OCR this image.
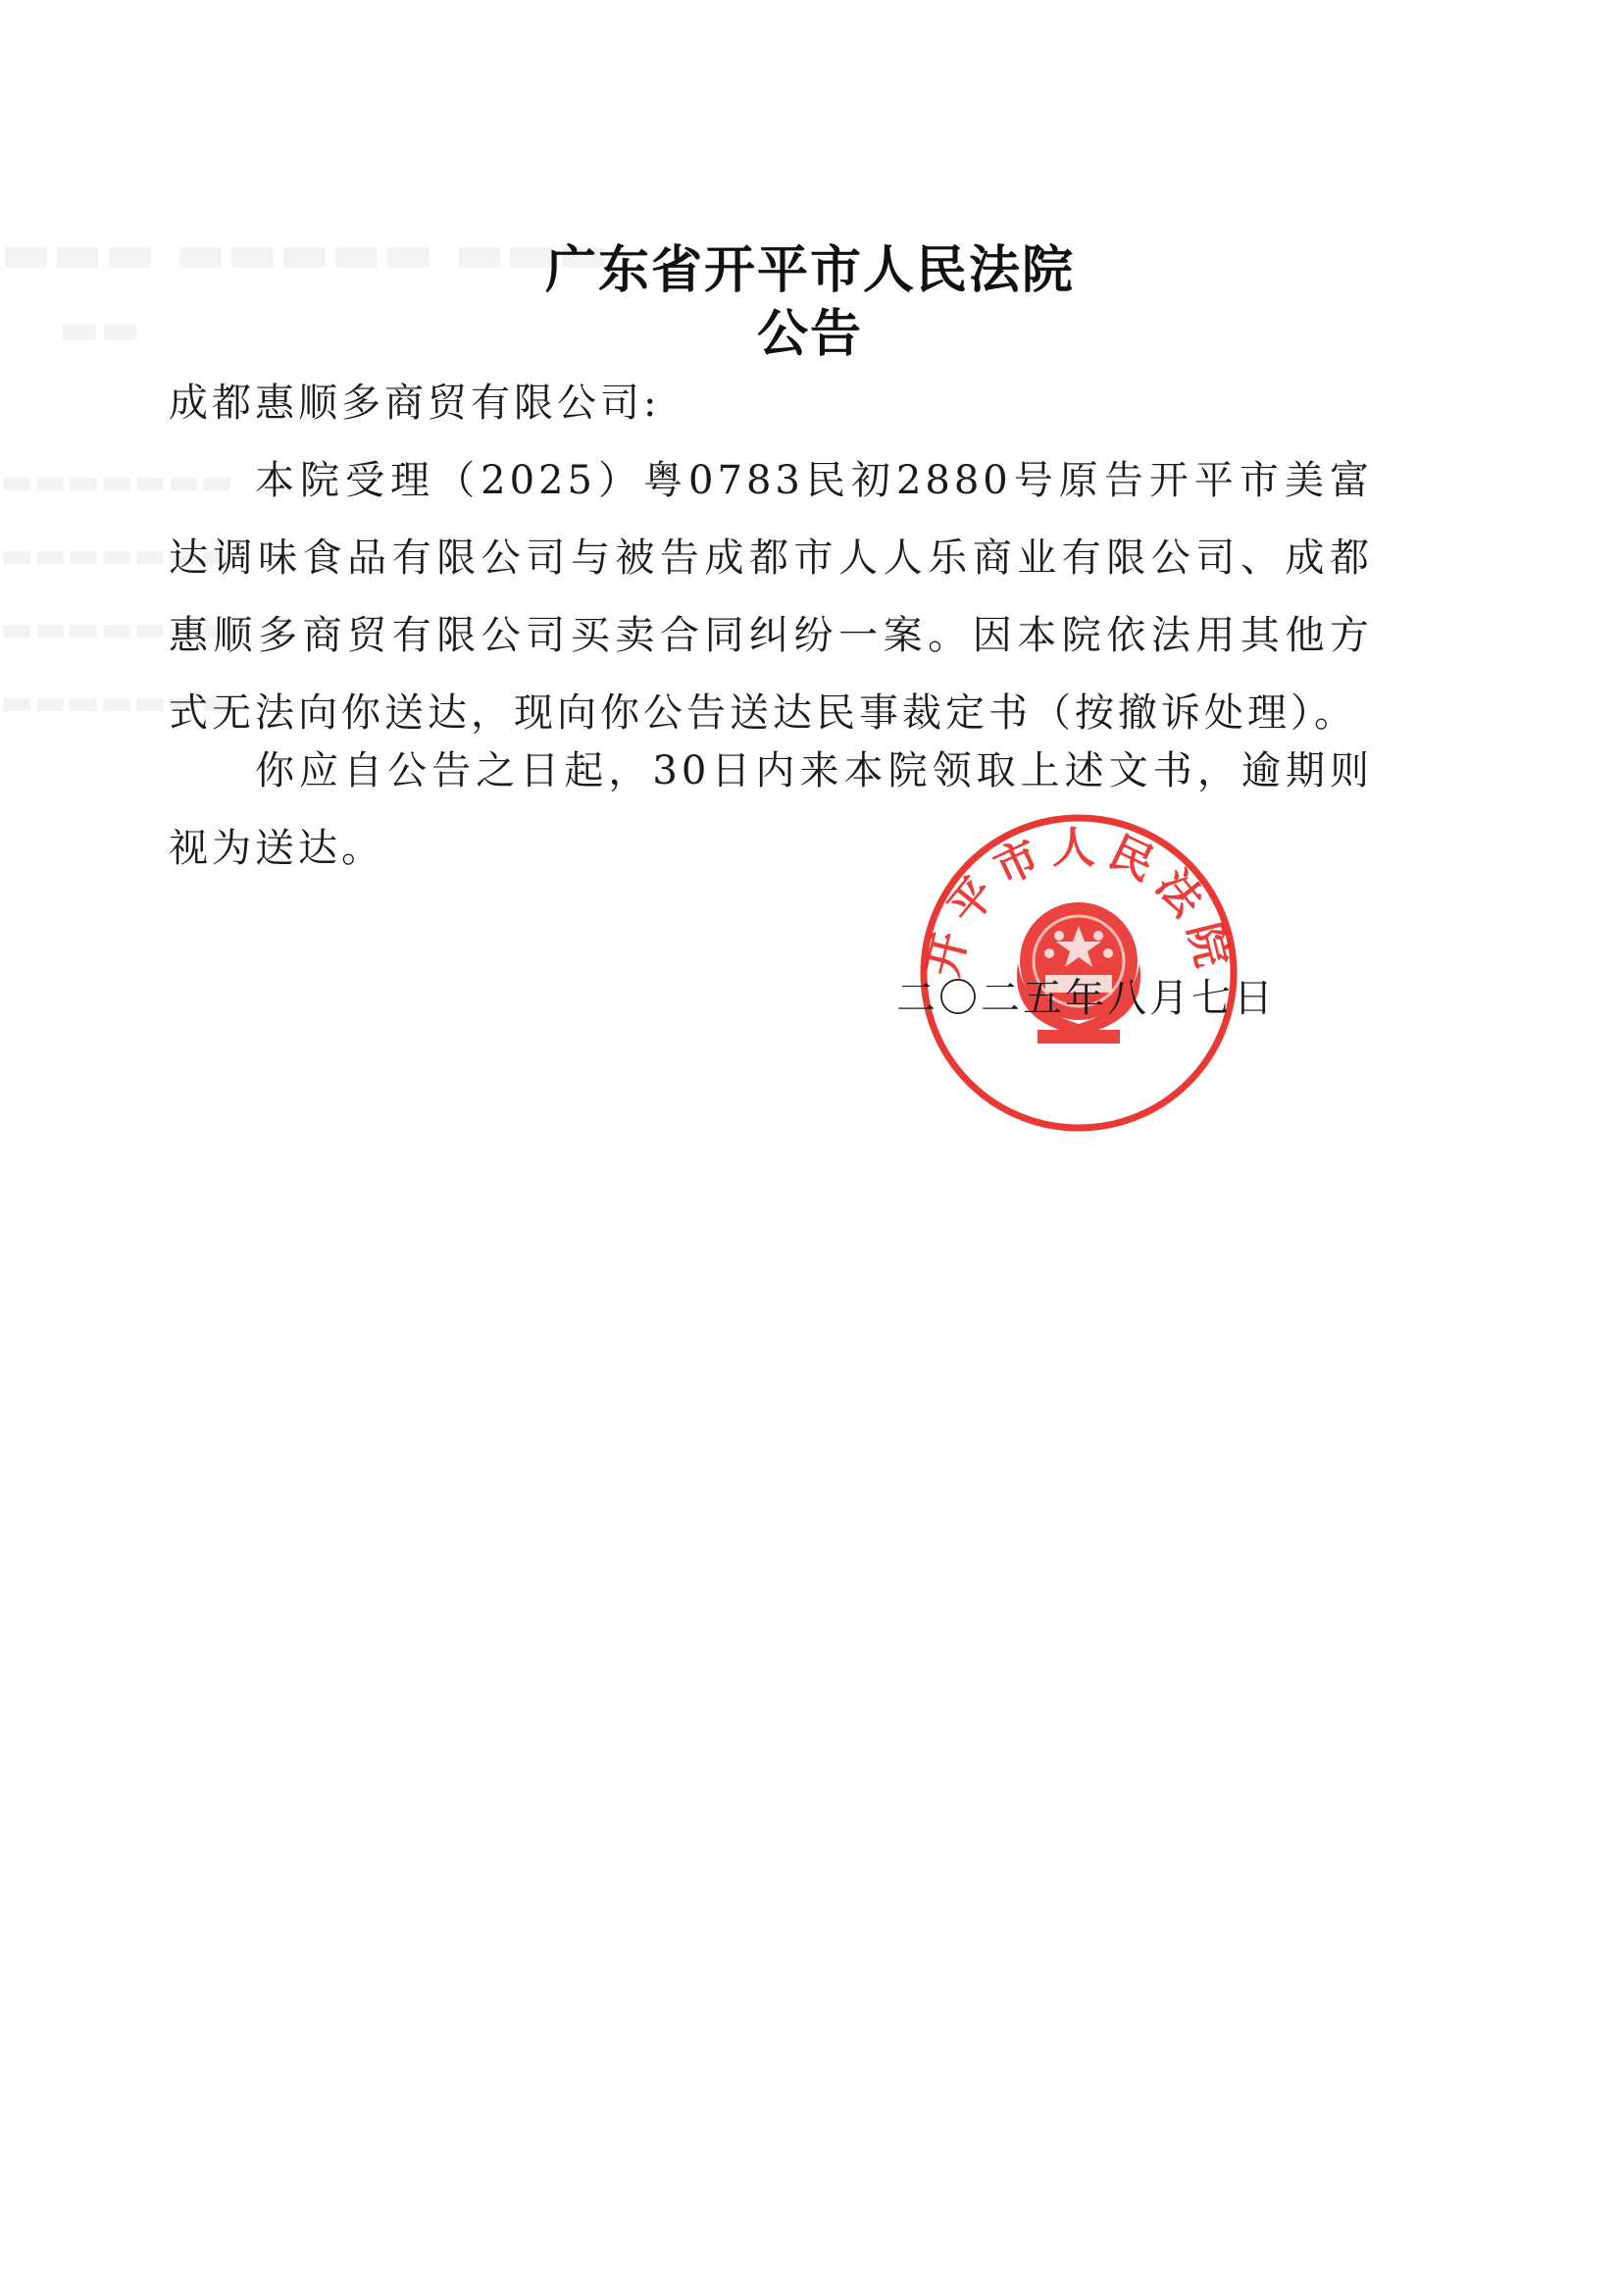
广东省开平市人民法院
公告

成都惠顺多商贸有限公司:

本院受理（2025）粤0783民初2880号原告开平市美富达调味食品有限公司与被告成都市人人乐商业有限公司、成都惠顺多商贸有限公司买卖合同纠纷一案。因本院依法用其他方式无法向你送达，现向你公告送达民事裁定书（按撤诉处理）。

你应自公告之日起，30日内来本院领取上述文书，逾期则视为送达。

开平市人民法院

二〇二五年八月七日
